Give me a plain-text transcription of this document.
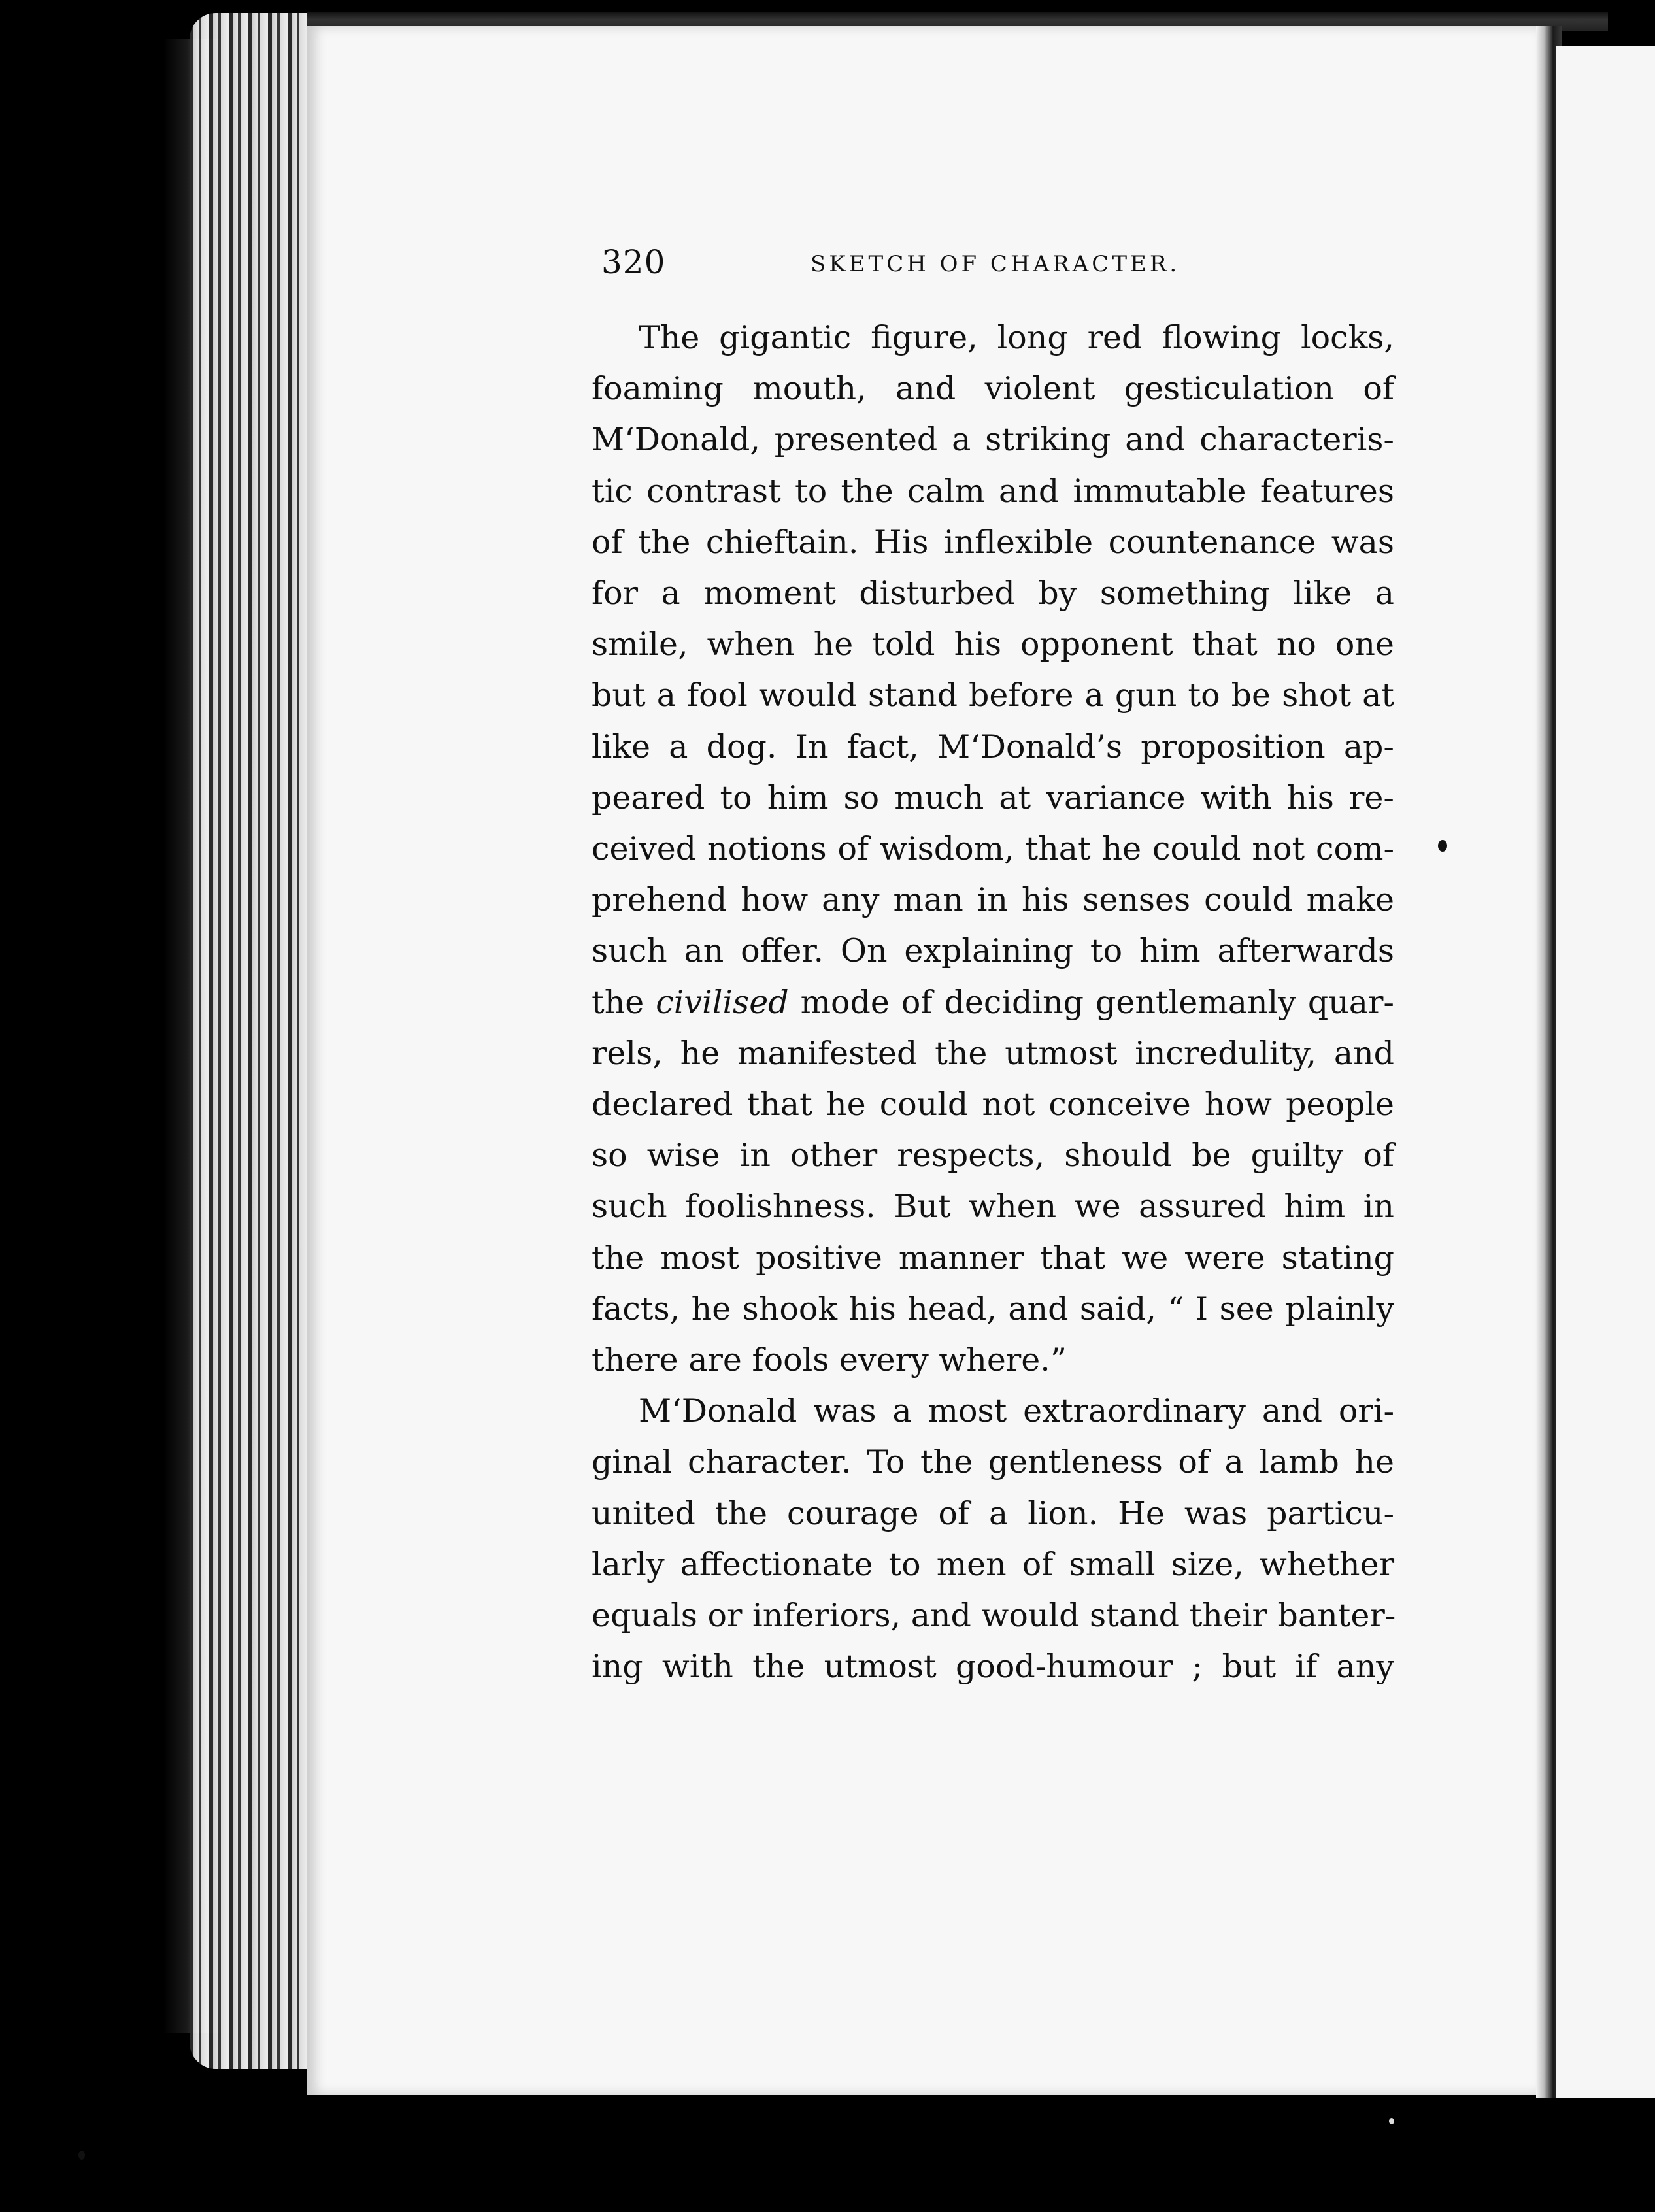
320	SKETCH OF CHARACTER.

The gigantic figure, long red flowing locks,
foaming mouth, and violent gesticulation of
M‘Donald, presented a striking and characteris-
tic contrast to the calm and immutable features
of the chieftain. His inflexible countenance was
for a moment disturbed by something like a
smile, when he told his opponent that no one
but a fool would stand before a gun to be shot at
like a dog. In fact, M‘Donald’s proposition ap-
peared to him so much at variance with his re-
ceived notions of wisdom, that he could not com-
prehend how any man in his senses could make
such an offer. On explaining to him afterwards
the civilised mode of deciding gentlemanly quar-
rels, he manifested the utmost incredulity, and
declared that he could not conceive how people
so wise in other respects, should be guilty of
such foolishness. But when we assured him in
the most positive manner that we were stating
facts, he shook his head, and said, “ I see plainly
there are fools every where.”

M‘Donald was a most extraordinary and ori-
ginal character. To the gentleness of a lamb he
united the courage of a lion. He was particu-
larly affectionate to men of small size, whether
equals or inferiors, and would stand their banter-
ing with the utmost good-humour ; but if any
